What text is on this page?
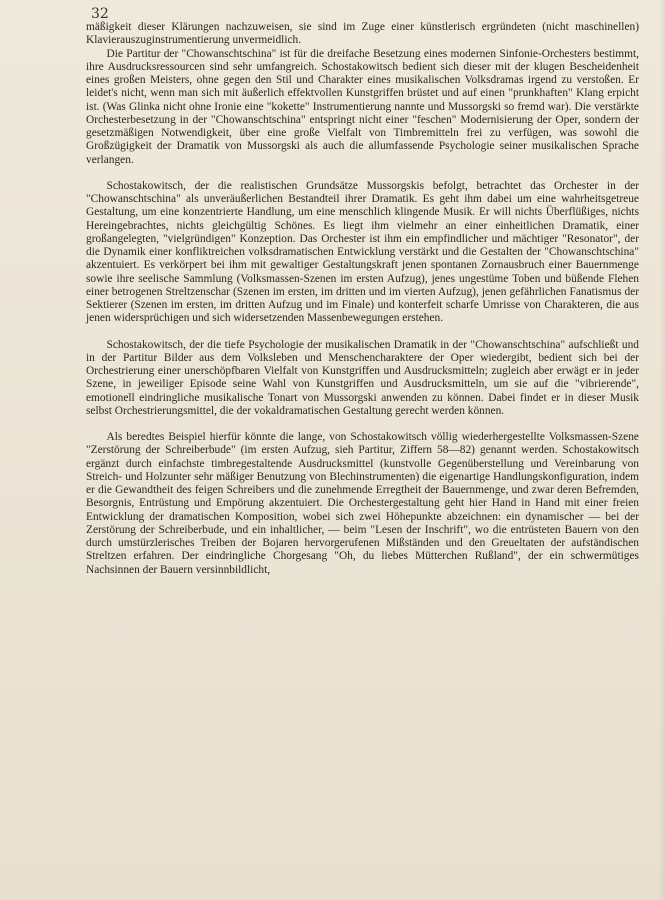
32

mäßigkeit dieser Klärungen nachzuweisen, sie sind im Zuge einer künstlerisch ergründeten (nicht maschinellen) Klavierauszuginstrumentierung unvermeidlich.

Die Partitur der "Chowanschtschina" ist für die dreifache Besetzung eines modernen Sinfonie-Orchesters bestimmt, ihre Ausdrucksressourcen sind sehr umfangreich. Schostakowitsch bedient sich dieser mit der klugen Bescheidenheit eines großen Meisters, ohne gegen den Stil und Charakter eines musikalischen Volksdramas irgend zu verstoßen. Er leidet's nicht, wenn man sich mit äußerlich effektvollen Kunstgriffen brüstet und auf einen "prunkhaften" Klang erpicht ist. (Was Glinka nicht ohne Ironie eine "kokette" Instrumentierung nannte und Mussorgski so fremd war). Die verstärkte Orchesterbesetzung in der "Chowanschtschina" entspringt nicht einer "feschen" Modernisierung der Oper, sondern der gesetzmäßigen Notwendigkeit, über eine große Vielfalt von Timbremitteln frei zu verfügen, was sowohl die Großzügigkeit der Dramatik von Mussorgski als auch die allumfassende Psychologie seiner musikalischen Sprache verlangen.

Schostakowitsch, der die realistischen Grundsätze Mussorgskis befolgt, betrachtet das Orchester in der "Chowanschtschina" als unveräußerlichen Bestandteil ihrer Dramatik. Es geht ihm dabei um eine wahrheitsgetreue Gestaltung, um eine konzentrierte Handlung, um eine menschlich klingende Musik. Er will nichts Überflüßiges, nichts Hereingebrachtes, nichts gleichgültig Schönes. Es liegt ihm vielmehr an einer einheitlichen Dramatik, einer großangelegten, "vielgründigen" Konzeption. Das Orchester ist ihm ein empfindlicher und mächtiger "Resonator", der die Dynamik einer konfliktreichen volksdramatischen Entwicklung verstärkt und die Gestalten der "Chowanschtschina" akzentuiert. Es verkörpert bei ihm mit gewaltiger Gestaltungskraft jenen spontanen Zornausbruch einer Bauernmenge sowie ihre seelische Sammlung (Volksmassen-Szenen im ersten Aufzug), jenes ungestüme Toben und büßende Flehen einer betrogenen Streltzenschar (Szenen im ersten, im dritten und im vierten Aufzug), jenen gefährlichen Fanatismus der Sektierer (Szenen im ersten, im dritten Aufzug und im Finale) und konterfeit scharfe Umrisse von Charakteren, die aus jenen widersprüchigen und sich widersetzenden Massenbewegungen erstehen.

Schostakowitsch, der die tiefe Psychologie der musikalischen Dramatik in der "Chowanschtschina" aufschließt und in der Partitur Bilder aus dem Volksleben und Menschencharaktere der Oper wiedergibt, bedient sich bei der Orchestrierung einer unerschöpfbaren Vielfalt von Kunstgriffen und Ausdrucksmitteln; zugleich aber erwägt er in jeder Szene, in jeweiliger Episode seine Wahl von Kunstgriffen und Ausdrucksmitteln, um sie auf die "vibrierende", emotionell eindringliche musikalische Tonart von Mussorgski anwenden zu können. Dabei findet er in dieser Musik selbst Orchestrierungsmittel, die der vokaldramatischen Gestaltung gerecht werden können.

Als beredtes Beispiel hierfür könnte die lange, von Schostakowitsch völlig wiederhergestellte Volksmassen-Szene "Zerstörung der Schreiberbude" (im ersten Aufzug, sieh Partitur, Ziffern 58—82) genannt werden. Schostakowitsch ergänzt durch einfachste timbregestaltende Ausdrucksmittel (kunstvolle Gegenüberstellung und Vereinbarung von Streich- und Holzunter sehr mäßiger Benutzung von Blechinstrumenten) die eigenartige Handlungskonfiguration, indem er die Gewandtheit des feigen Schreibers und die zunehmende Erregtheit der Bauernmenge, und zwar deren Befremden, Besorgnis, Entrüstung und Empörung akzentuiert. Die Orchestergestaltung geht hier Hand in Hand mit einer freien Entwicklung der dramatischen Komposition, wobei sich zwei Höhepunkte abzeichnen: ein dynamischer — bei der Zerstörung der Schreiberbude, und ein inhaltlicher, — beim "Lesen der Inschrift", wo die entrüsteten Bauern von den durch umstürzlerisches Treiben der Bojaren hervorgerufenen Mißständen und den Greueltaten der aufständischen Streltzen erfahren. Der eindringliche Chorgesang "Oh, du liebes Mütterchen Rußland", der ein schwermütiges Nachsinnen der Bauern versinnbildlicht,
